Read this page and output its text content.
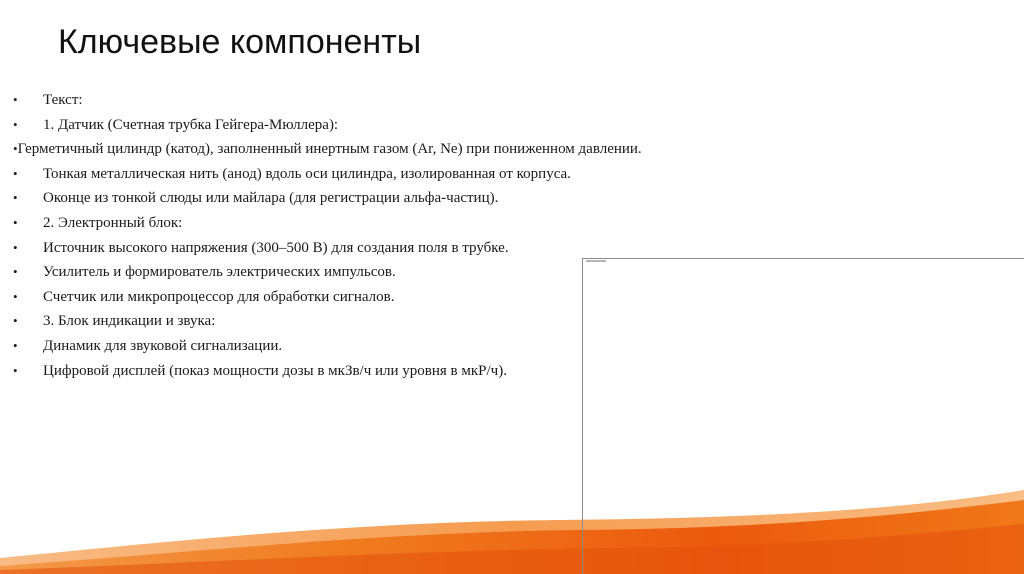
Ключевые компоненты
•	Текст:
•	1. Датчик (Счетная трубка Гейгера-Мюллера):
• Герметичный цилиндр (катод), заполненный инертным газом (Ar, Ne) при пониженном давлении.
•	Тонкая металлическая нить (анод) вдоль оси цилиндра, изолированная от корпуса.
•	Оконце из тонкой слюды или майлара (для регистрации альфа-частиц).
•	2. Электронный блок:
•	Источник высокого напряжения (300–500 В) для создания поля в трубке.
•	Усилитель и формирователь электрических импульсов.
•	Счетчик или микропроцессор для обработки сигналов.
•	3. Блок индикации и звука:
•	Динамик для звуковой сигнализации.
•	Цифровой дисплей (показ мощности дозы в мкЗв/ч или уровня в мкР/ч).
